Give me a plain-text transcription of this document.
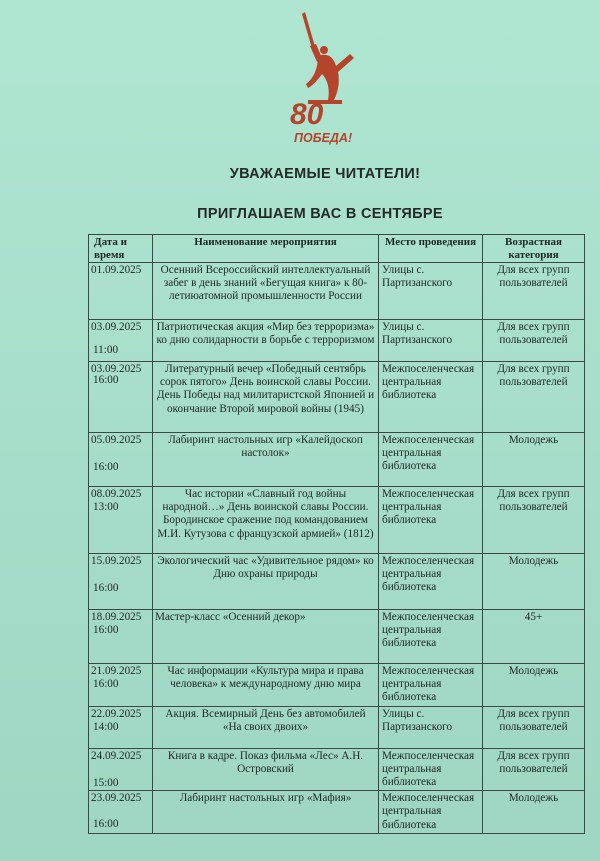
80
ПОБЕДА!
УВАЖАЕМЫЕ ЧИТАТЕЛИ!
ПРИГЛАШАЕМ ВАС В СЕНТЯБРЕ
Дата и время	Наименование мероприятия	Место проведения	Возрастная категория

01.09.2025	Осенний Всероссийский интеллектуальный забег в день знаний «Бегущая книга» к 80-летиюатомной промышленности России	Улицы с. Партизанского	Для всех групп пользователей

03.09.2025
11:00	Патриотическая акция «Мир без терроризма» ко дню солидарности в борьбе с терроризмом	Улицы с. Партизанского	Для всех групп пользователей

03.09.2025
16:00	Литературный вечер «Победный сентябрь сорок пятого» День воинской славы России. День Победы над милитаристской Японией и окончание Второй мировой войны (1945)	Межпоселенческая центральная библиотека	Для всех групп пользователей

05.09.2025
16:00	Лабиринт настольных игр «Калейдоскоп настолок»	Межпоселенческая центральная библиотека	Молодежь

08.09.2025
13:00	Час истории «Славный год войны народной…» День воинской славы России. Бородинское сражение под командованием М.И. Кутузова с французской армией» (1812)	Межпоселенческая центральная библиотека	Для всех групп пользователей

15.09.2025
16:00	Экологический час «Удивительное рядом» ко Дню охраны природы	Межпоселенческая центральная библиотека	Молодежь

18.09.2025
16:00	Мастер-класс «Осенний декор»	Межпоселенческая центральная библиотека	45+

21.09.2025
16:00	Час информации «Культура мира и права человека» к международному дню мира	Межпоселенческая центральная библиотека	Молодежь

22.09.2025
14:00	Акция. Всемирный День без автомобилей «На своих двоих»	Улицы с. Партизанского	Для всех групп пользователей

24.09.2025
15:00	Книга в кадре. Показ фильма «Лес» А.Н. Островский	Межпоселенческая центральная библиотека	Для всех групп пользователей

23.09.2025
16:00	Лабиринт настольных игр «Мафия»	Межпоселенческая центральная библиотека	Молодежь
